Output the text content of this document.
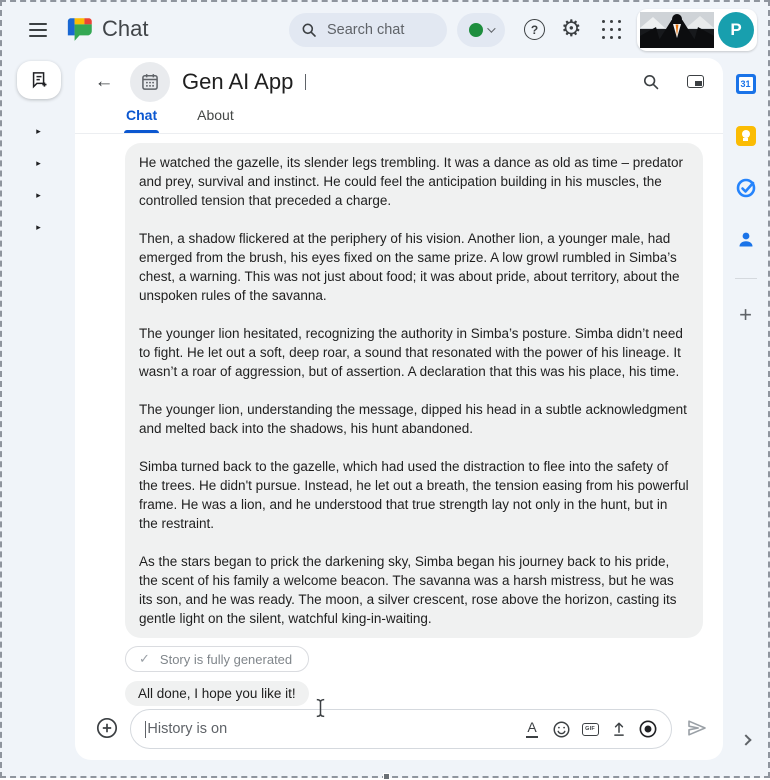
Chat	Search chat	? ⚙	P
▸
▸
▸
▸
31
+
←	Gen AI App
Chat	About

He watched the gazelle, its slender legs trembling. It was a dance as old as time – predator and prey, survival and instinct. He could feel the anticipation building in his muscles, the controlled tension that preceded a charge.

Then, a shadow flickered at the periphery of his vision. Another lion, a younger male, had emerged from the brush, his eyes fixed on the same prize. A low growl rumbled in Simba’s chest, a warning. This was not just about food; it was about pride, about territory, about the unspoken rules of the savanna.

The younger lion hesitated, recognizing the authority in Simba’s posture. Simba didn’t need to fight. He let out a soft, deep roar, a sound that resonated with the power of his lineage. It wasn’t a roar of aggression, but of assertion. A declaration that this was his place, his time.

The younger lion, understanding the message, dipped his head in a subtle acknowledgment and melted back into the shadows, his hunt abandoned.

Simba turned back to the gazelle, which had used the distraction to flee into the safety of the trees. He didn't pursue. Instead, he let out a breath, the tension easing from his powerful frame. He was a lion, and he understood that true strength lay not only in the hunt, but in the restraint.

As the stars began to prick the darkening sky, Simba began his journey back to his pride, the scent of his family a welcome beacon. The savanna was a harsh mistress, but he was its son, and he was ready. The moon, a silver crescent, rose above the horizon, casting its gentle light on the silent, watchful king-in-waiting.

✓ Story is fully generated
All done, I hope you like it!
History is on	A	GIF
